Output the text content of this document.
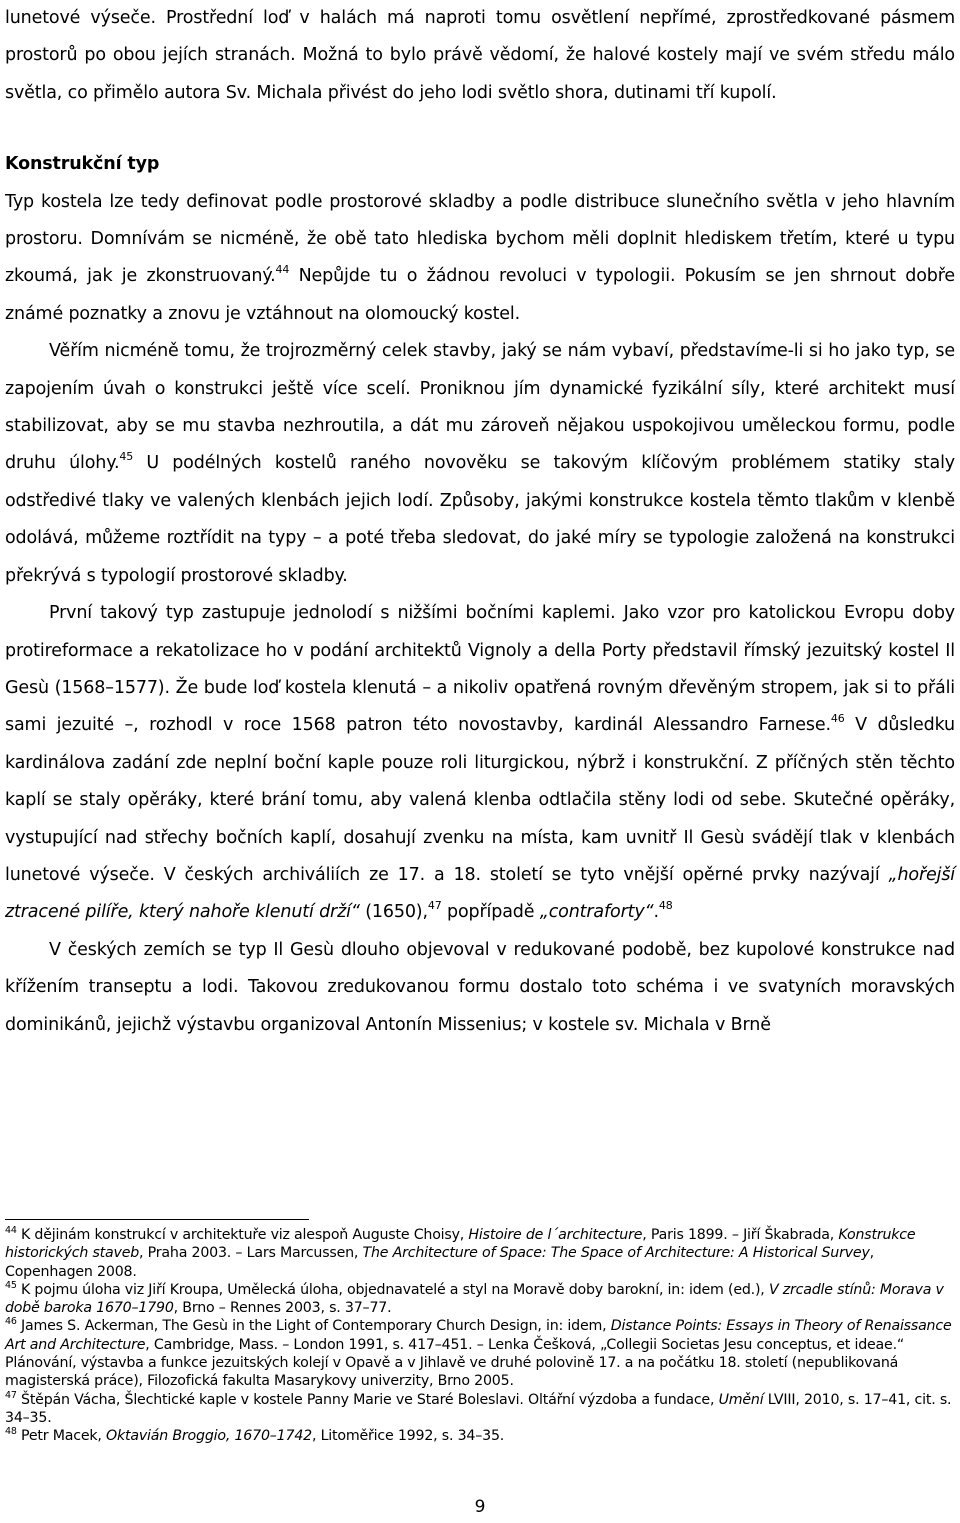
lunetové výseče. Prostřední loď v halách má naproti tomu osvětlení nepřímé, zprostředkované pásmem prostorů po obou jejích stranách. Možná to bylo právě vědomí, že halové kostely mají ve svém středu málo světla, co přimělo autora Sv. Michala přivést do jeho lodi světlo shora, dutinami tří kupolí.

Konstrukční typ

Typ kostela lze tedy definovat podle prostorové skladby a podle distribuce slunečního světla v jeho hlavním prostoru. Domnívám se nicméně, že obě tato hlediska bychom měli doplnit hlediskem třetím, které u typu zkoumá, jak je zkonstruovaný.$^{44}$ Nepůjde tu o žádnou revoluci v typologii. Pokusím se jen shrnout dobře známé poznatky a znovu je vztáhnout na olomoucký kostel.

Věřím nicméně tomu, že trojrozměrný celek stavby, jaký se nám vybaví, představíme-li si ho jako typ, se zapojením úvah o konstrukci ještě více scelí. Proniknou jím dynamické fyzikální síly, které architekt musí stabilizovat, aby se mu stavba nezhroutila, a dát mu zároveň nějakou uspokojivou uměleckou formu, podle druhu úlohy.$^{45}$ U podélných kostelů raného novověku se takovým klíčovým problémem statiky staly odstředivé tlaky ve valených klenbách jejich lodí. Způsoby, jakými konstrukce kostela těmto tlakům v klenbě odolává, můžeme roztřídit na typy – a poté třeba sledovat, do jaké míry se typologie založená na konstrukci překrývá s typologií prostorové skladby.

První takový typ zastupuje jednolodí s nižšími bočními kaplemi. Jako vzor pro katolickou Evropu doby protireformace a rekatolizace ho v podání architektů Vignoly a della Porty představil římský jezuitský kostel Il Gesù (1568–1577). Že bude loď kostela klenutá – a nikoliv opatřená rovným dřevěným stropem, jak si to přáli sami jezuité –, rozhodl v roce 1568 patron této novostavby, kardinál Alessandro Farnese.$^{46}$ V důsledku kardinálova zadání zde neplní boční kaple pouze roli liturgickou, nýbrž i konstrukční. Z příčných stěn těchto kaplí se staly opěráky, které brání tomu, aby valená klenba odtlačila stěny lodi od sebe. Skutečné opěráky, vystupující nad střechy bočních kaplí, dosahují zvenku na místa, kam uvnitř Il Gesù svádějí tlak v klenbách lunetové výseče. V českých archiváliích ze 17. a 18. století se tyto vnější opěrné prvky nazývají „hořejší ztracené pilíře, který nahoře klenutí drží“ (1650),$^{47}$ popřípadě „contraforty“.$^{48}$

V českých zemích se typ Il Gesù dlouho objevoval v redukované podobě, bez kupolové konstrukce nad křížením transeptu a lodi. Takovou zredukovanou formu dostalo toto schéma i ve svatyních moravských dominikánů, jejichž výstavbu organizoval Antonín Missenius; v kostele sv. Michala v Brně

$^{44}$ K dějinám konstrukcí v architektuře viz alespoň Auguste Choisy, Histoire de l´architecture, Paris 1899. – Jiří Škabrada, Konstrukce historických staveb, Praha 2003. – Lars Marcussen, The Architecture of Space: The Space of Architecture: A Historical Survey, Copenhagen 2008.

$^{45}$ K pojmu úloha viz Jiří Kroupa, Umělecká úloha, objednavatelé a styl na Moravě doby barokní, in: idem (ed.), V zrcadle stínů: Morava v době baroka 1670–1790, Brno – Rennes 2003, s. 37–77.

$^{46}$ James S. Ackerman, The Gesù in the Light of Contemporary Church Design, in: idem, Distance Points: Essays in Theory of Renaissance Art and Architecture, Cambridge, Mass. – London 1991, s. 417–451. – Lenka Češková, „Collegii Societas Jesu conceptus, et ideae.“ Plánování, výstavba a funkce jezuitských kolejí v Opavě a v Jihlavě ve druhé polovině 17. a na počátku 18. století (nepublikovaná magisterská práce), Filozofická fakulta Masarykovy univerzity, Brno 2005.

$^{47}$ Štěpán Vácha, Šlechtické kaple v kostele Panny Marie ve Staré Boleslavi. Oltářní výzdoba a fundace, Umění LVIII, 2010, s. 17–41, cit. s. 34–35.

$^{48}$ Petr Macek, Oktavián Broggio, 1670–1742, Litoměřice 1992, s. 34–35.

9
